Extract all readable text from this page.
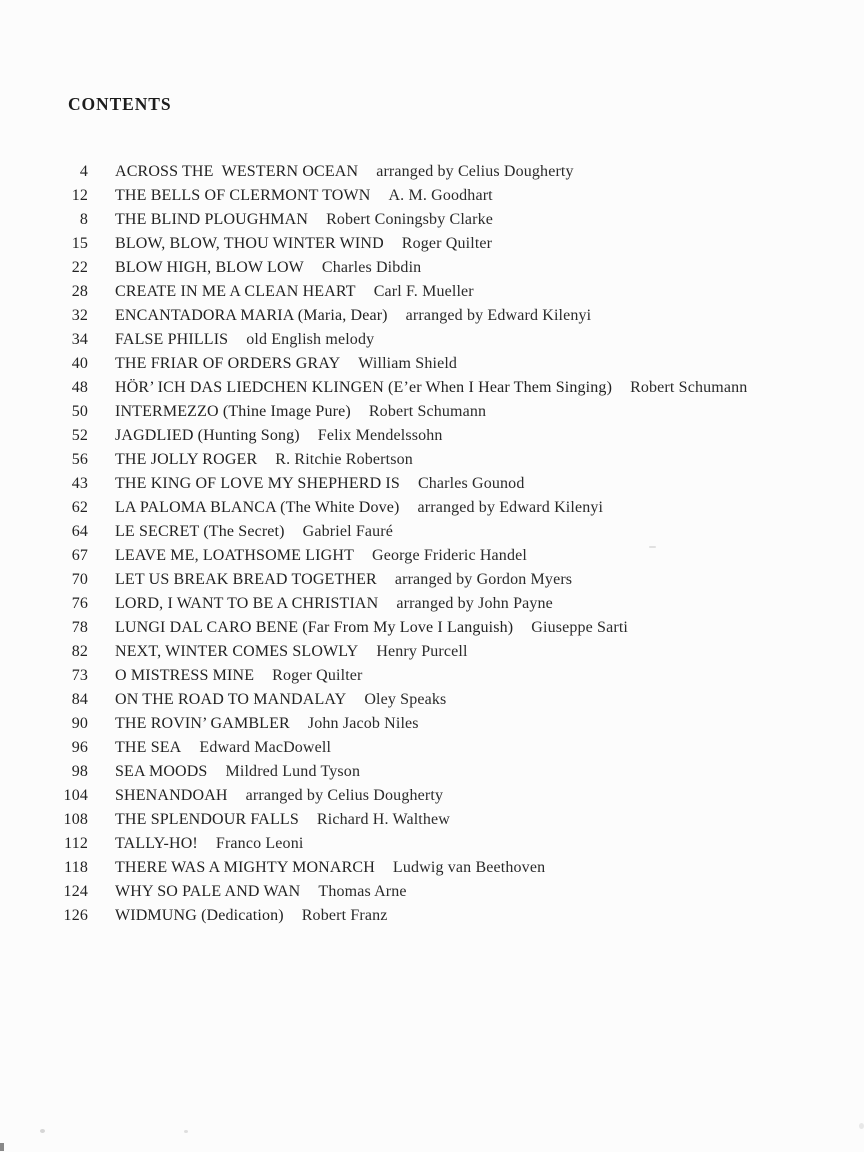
CONTENTS
4 ACROSS THE  WESTERN OCEAN arranged by Celius Dougherty
12 THE BELLS OF CLERMONT TOWN A. M. Goodhart
8 THE BLIND PLOUGHMAN Robert Coningsby Clarke
15 BLOW, BLOW, THOU WINTER WIND Roger Quilter
22 BLOW HIGH, BLOW LOW Charles Dibdin
28 CREATE IN ME A CLEAN HEART Carl F. Mueller
32 ENCANTADORA MARIA (Maria, Dear) arranged by Edward Kilenyi
34 FALSE PHILLIS old English melody
40 THE FRIAR OF ORDERS GRAY William Shield
48 HÖR’ ICH DAS LIEDCHEN KLINGEN (E’er When I Hear Them Singing) Robert Schumann
50 INTERMEZZO (Thine Image Pure) Robert Schumann
52 JAGDLIED (Hunting Song) Felix Mendelssohn
56 THE JOLLY ROGER R. Ritchie Robertson
43 THE KING OF LOVE MY SHEPHERD IS Charles Gounod
62 LA PALOMA BLANCA (The White Dove) arranged by Edward Kilenyi
64 LE SECRET (The Secret) Gabriel Fauré
67 LEAVE ME, LOATHSOME LIGHT George Frideric Handel
70 LET US BREAK BREAD TOGETHER arranged by Gordon Myers
76 LORD, I WANT TO BE A CHRISTIAN arranged by John Payne
78 LUNGI DAL CARO BENE (Far From My Love I Languish) Giuseppe Sarti
82 NEXT, WINTER COMES SLOWLY Henry Purcell
73 O MISTRESS MINE Roger Quilter
84 ON THE ROAD TO MANDALAY Oley Speaks
90 THE ROVIN’ GAMBLER John Jacob Niles
96 THE SEA Edward MacDowell
98 SEA MOODS Mildred Lund Tyson
104 SHENANDOAH arranged by Celius Dougherty
108 THE SPLENDOUR FALLS Richard H. Walthew
112 TALLY-HO! Franco Leoni
118 THERE WAS A MIGHTY MONARCH Ludwig van Beethoven
124 WHY SO PALE AND WAN Thomas Arne
126 WIDMUNG (Dedication) Robert Franz
